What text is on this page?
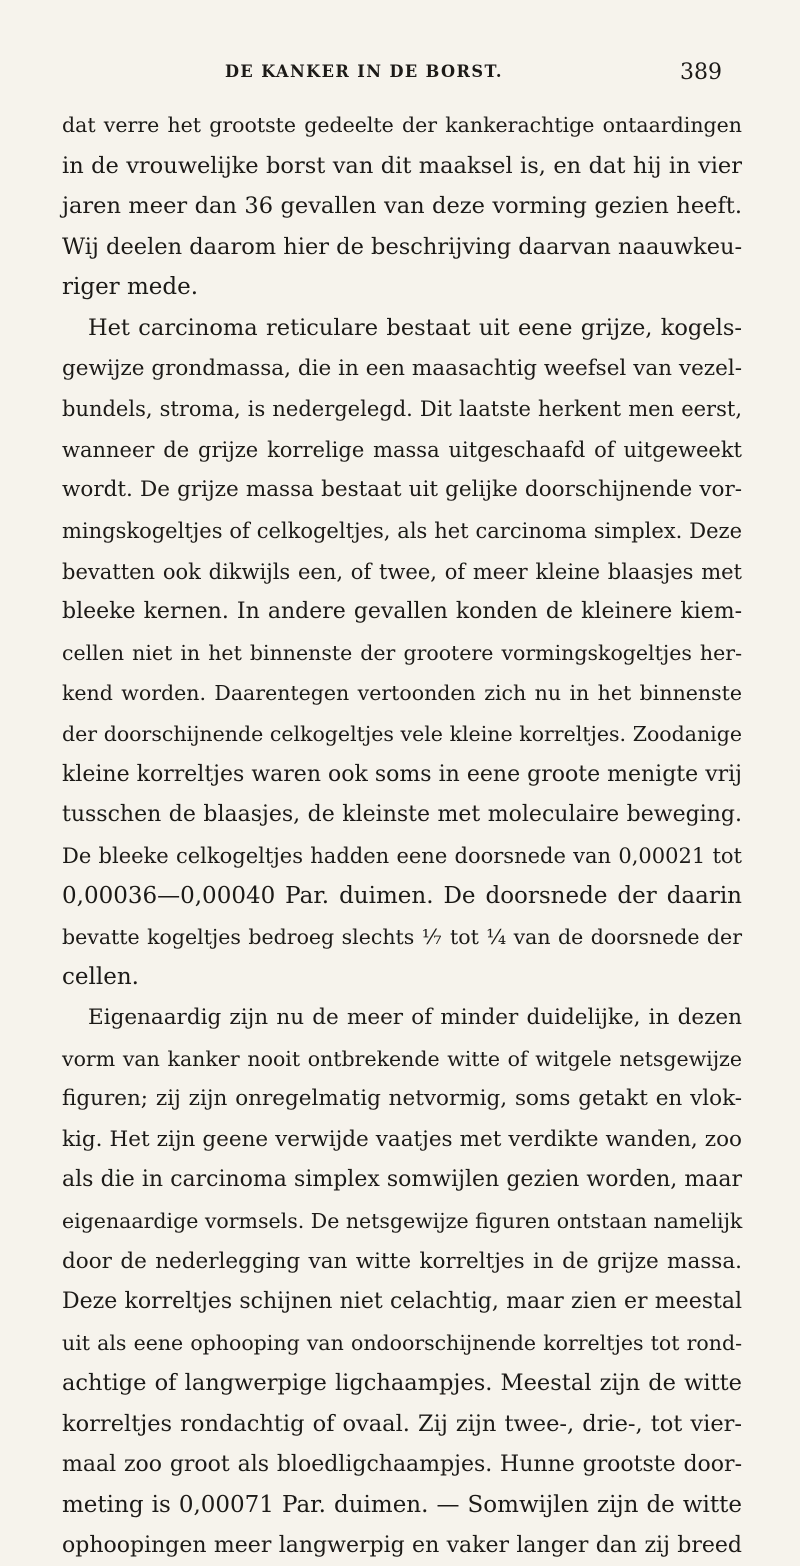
DE KANKER IN DE BORST.	389
dat verre het grootste gedeelte der kankerachtige ontaardingen
in de vrouwelijke borst van dit maaksel is, en dat hij in vier
jaren meer dan 36 gevallen van deze vorming gezien heeft.
Wij deelen daarom hier de beschrijving daarvan naauwkeu-
riger mede.
Het carcinoma reticulare bestaat uit eene grijze, kogels-
gewijze grondmassa, die in een maasachtig weefsel van vezel-
bundels, stroma, is nedergelegd. Dit laatste herkent men eerst,
wanneer de grijze korrelige massa uitgeschaafd of uitgeweekt
wordt. De grijze massa bestaat uit gelijke doorschijnende vor-
mingskogeltjes of celkogeltjes, als het carcinoma simplex. Deze
bevatten ook dikwijls een, of twee, of meer kleine blaasjes met
bleeke kernen. In andere gevallen konden de kleinere kiem-
cellen niet in het binnenste der grootere vormingskogeltjes her-
kend worden. Daarentegen vertoonden zich nu in het binnenste
der doorschijnende celkogeltjes vele kleine korreltjes. Zoodanige
kleine korreltjes waren ook soms in eene groote menigte vrij
tusschen de blaasjes, de kleinste met moleculaire beweging.
De bleeke celkogeltjes hadden eene doorsnede van 0,00021 tot
0,00036—0,00040 Par. duimen. De doorsnede der daarin
bevatte kogeltjes bedroeg slechts ⅐ tot ¼ van de doorsnede der
cellen.
Eigenaardig zijn nu de meer of minder duidelijke, in dezen
vorm van kanker nooit ontbrekende witte of witgele netsgewijze
figuren; zij zijn onregelmatig netvormig, soms getakt en vlok-
kig. Het zijn geene verwijde vaatjes met verdikte wanden, zoo
als die in carcinoma simplex somwijlen gezien worden, maar
eigenaardige vormsels. De netsgewijze figuren ontstaan namelijk
door de nederlegging van witte korreltjes in de grijze massa.
Deze korreltjes schijnen niet celachtig, maar zien er meestal
uit als eene ophooping van ondoorschijnende korreltjes tot rond-
achtige of langwerpige ligchaampjes. Meestal zijn de witte
korreltjes rondachtig of ovaal. Zij zijn twee-, drie-, tot vier-
maal zoo groot als bloedligchaampjes. Hunne grootste door-
meting is 0,00071 Par. duimen. — Somwijlen zijn de witte
ophoopingen meer langwerpig en vaker langer dan zij breed
